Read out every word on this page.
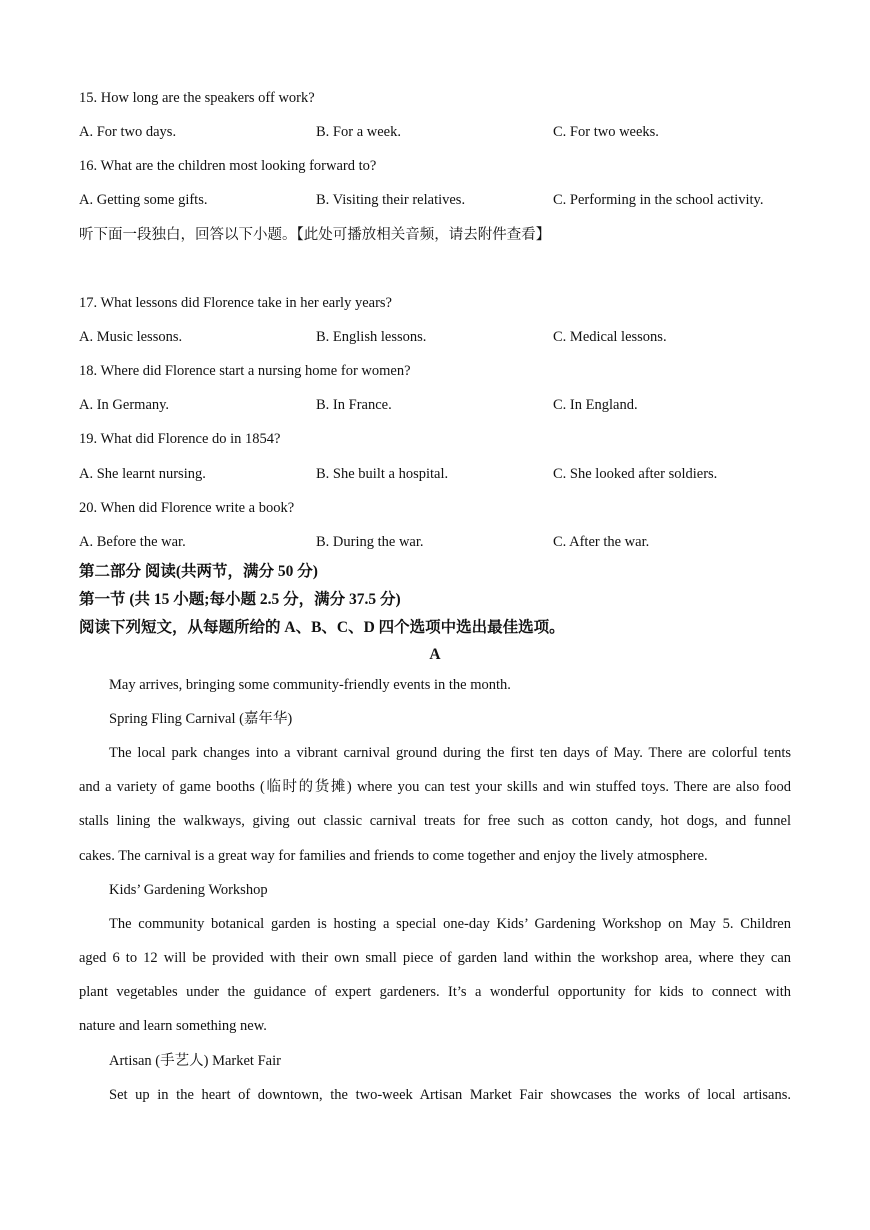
15. How long are the speakers off work?
A. For two days.	B. For a week.	C. For two weeks.
16. What are the children most looking forward to?
A. Getting some gifts.	B. Visiting their relatives.	C. Performing in the school activity.
听下面一段独白，回答以下小题。【此处可播放相关音频，请去附件查看】
17. What lessons did Florence take in her early years?
A. Music lessons.	B. English lessons.	C. Medical lessons.
18. Where did Florence start a nursing home for women?
A. In Germany.	B. In France.	C. In England.
19. What did Florence do in 1854?
A. She learnt nursing.	B. She built a hospital.	C. She looked after soldiers.
20. When did Florence write a book?
A. Before the war.	B. During the war.	C. After the war.
第二部分 阅读(共两节，满分 50 分)
第一节 (共 15 小题;每小题 2.5 分，满分 37.5 分)
阅读下列短文，从每题所给的 A、B、C、D 四个选项中选出最佳选项。
A
May arrives, bringing some community-friendly events in the month.
Spring Fling Carnival (嘉年华)
The local park changes into a vibrant carnival ground during the first ten days of May. There are colorful tents
and a variety of game booths (临时的货摊) where you can test your skills and win stuffed toys. There are also food
stalls lining the walkways, giving out classic carnival treats for free such as cotton candy, hot dogs, and funnel
cakes. The carnival is a great way for families and friends to come together and enjoy the lively atmosphere.
Kids’ Gardening Workshop
The community botanical garden is hosting a special one-day Kids’ Gardening Workshop on May 5. Children
aged 6 to 12 will be provided with their own small piece of garden land within the workshop area, where they can
plant vegetables under the guidance of expert gardeners. It’s a wonderful opportunity for kids to connect with
nature and learn something new.
Artisan (手艺人) Market Fair
Set up in the heart of downtown, the two-week Artisan Market Fair showcases the works of local artisans.
